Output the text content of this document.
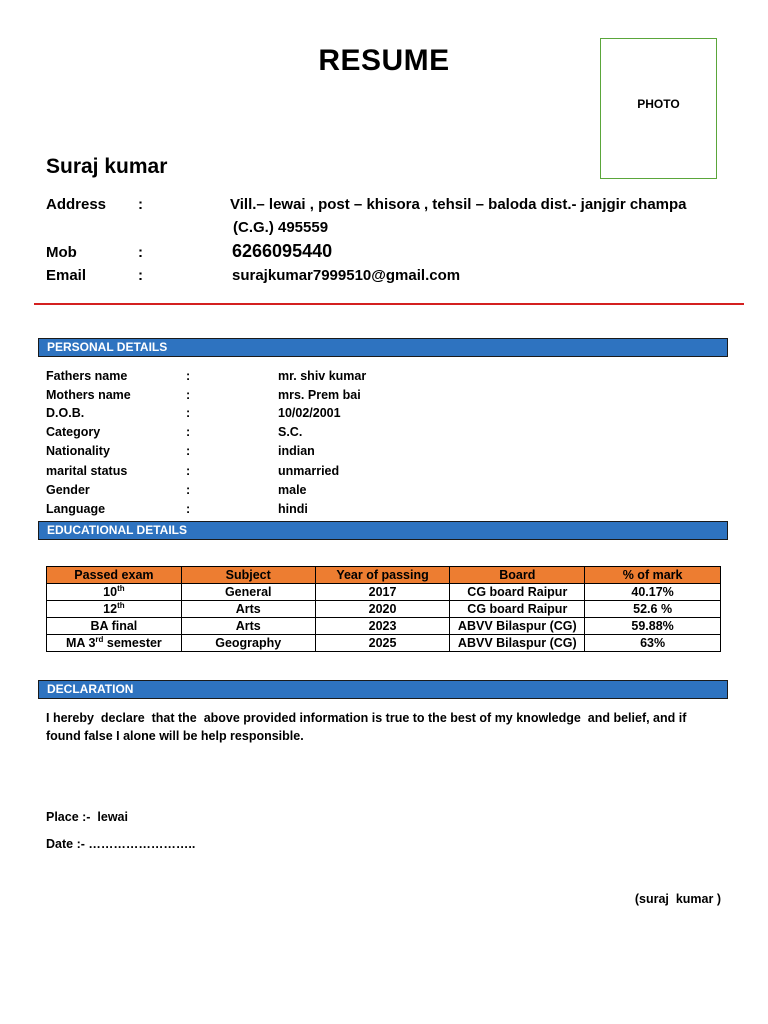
RESUME
PHOTO
Suraj kumar
Address :	Vill.– lewai , post – khisora , tehsil – baloda dist.- janjgir champa
(C.G.) 495559
Mob	:	6266095440
Email	:	surajkumar7999510@gmail.com
PERSONAL DETAILS
Fathers name	:	mr. shiv kumar
Mothers name	:	mrs. Prem bai
D.O.B.	:	10/02/2001
Category	:	S.C.
Nationality	:	indian
marital status	:	unmarried
Gender	:	male
Language	:	hindi
EDUCATIONAL DETAILS
Passed exam	Subject	Year of passing	Board	% of mark
10th	General	2017	CG board Raipur	40.17%
12th	Arts	2020	CG board Raipur	52.6 %
BA final	Arts	2023	ABVV Bilaspur (CG)	59.88%
MA 3rd semester	Geography	2025	ABVV Bilaspur (CG)	63%
DECLARATION
I hereby  declare  that the  above provided information is true to the best of my knowledge  and belief, and if
found false I alone will be help responsible.
Place :-  lewai
Date :- ……………………..
(suraj  kumar )
